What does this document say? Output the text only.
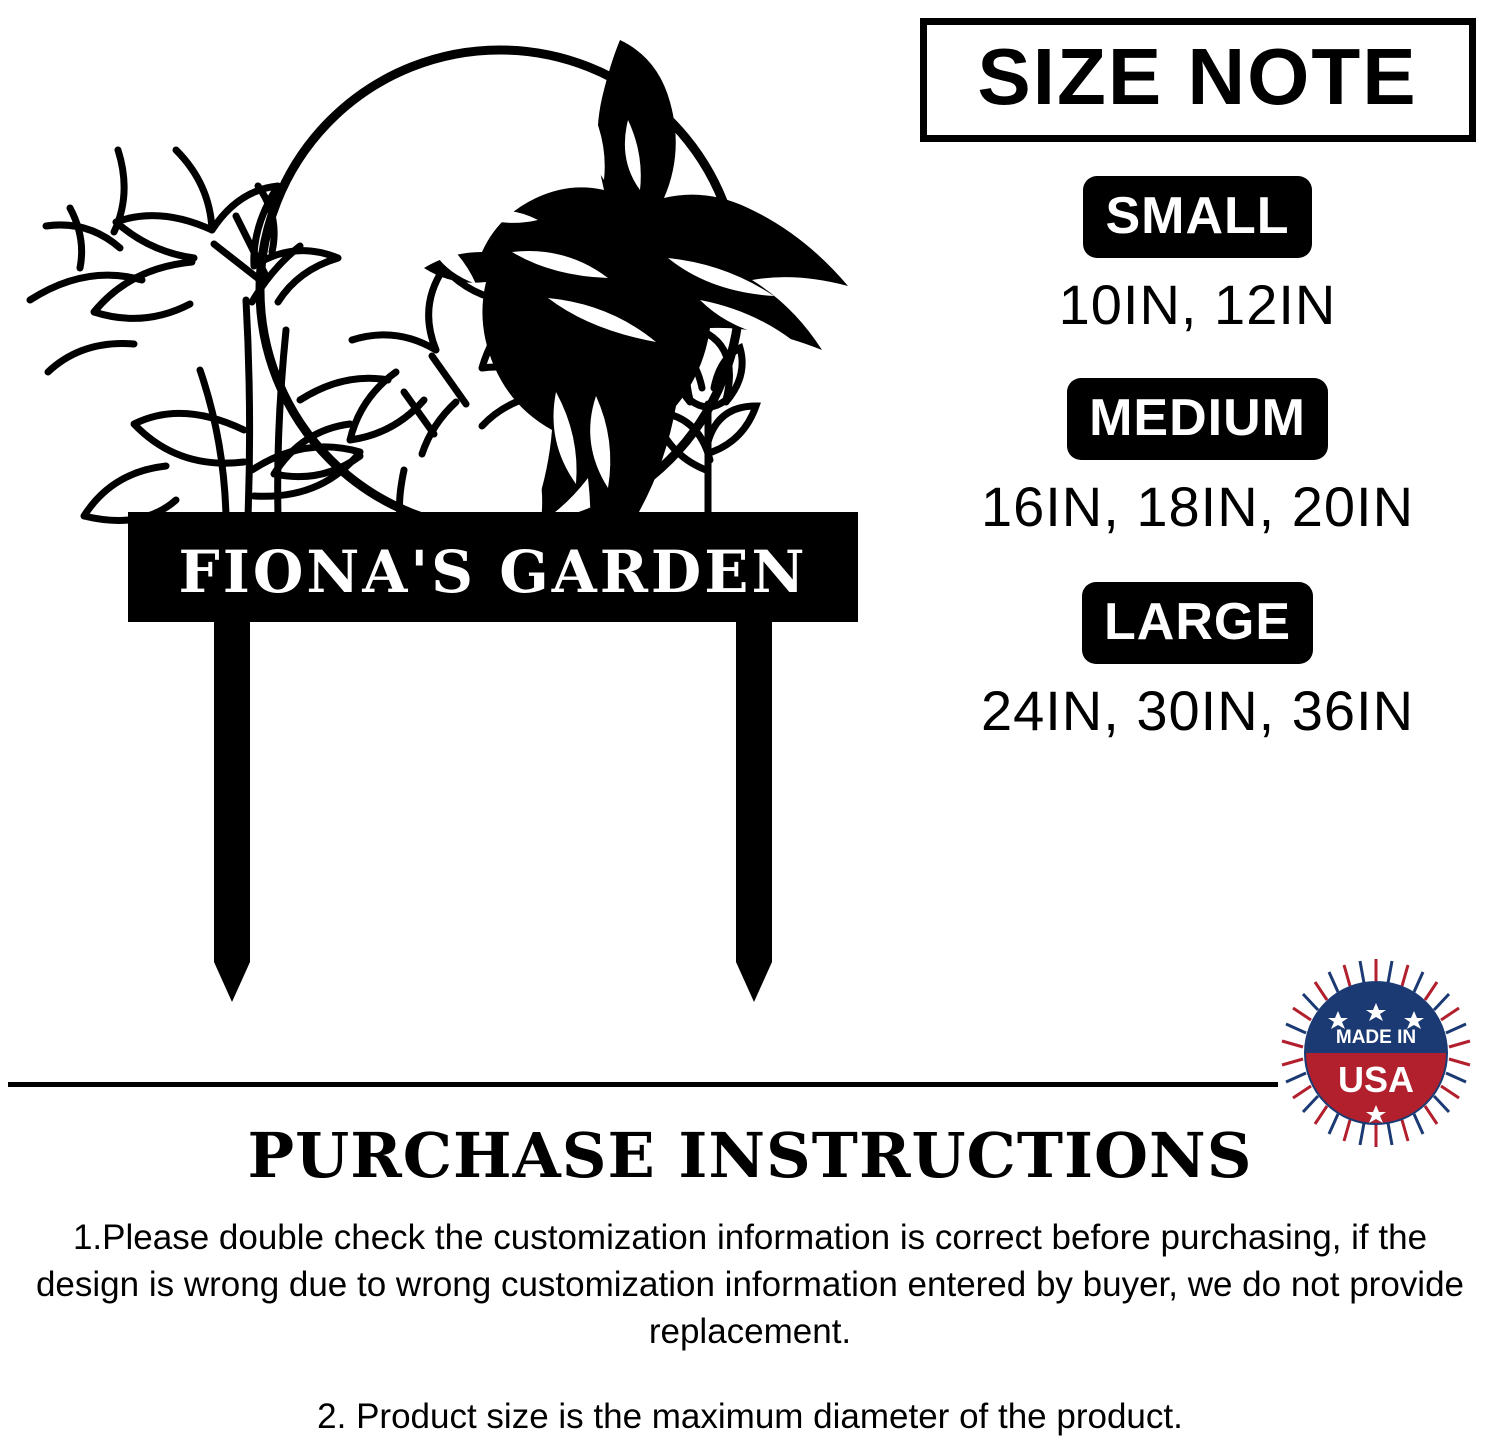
FIONA'S GARDEN
SIZE NOTE
SMALL
10IN, 12IN
MEDIUM
16IN, 18IN, 20IN
LARGE
24IN, 30IN, 36IN
MADE IN
USA
PURCHASE INSTRUCTIONS
1.Please double check the customization information is correct before purchasing, if the design is wrong due to wrong customization information entered by buyer, we do not provide replacement.
2. Product size is the maximum diameter of the product.
